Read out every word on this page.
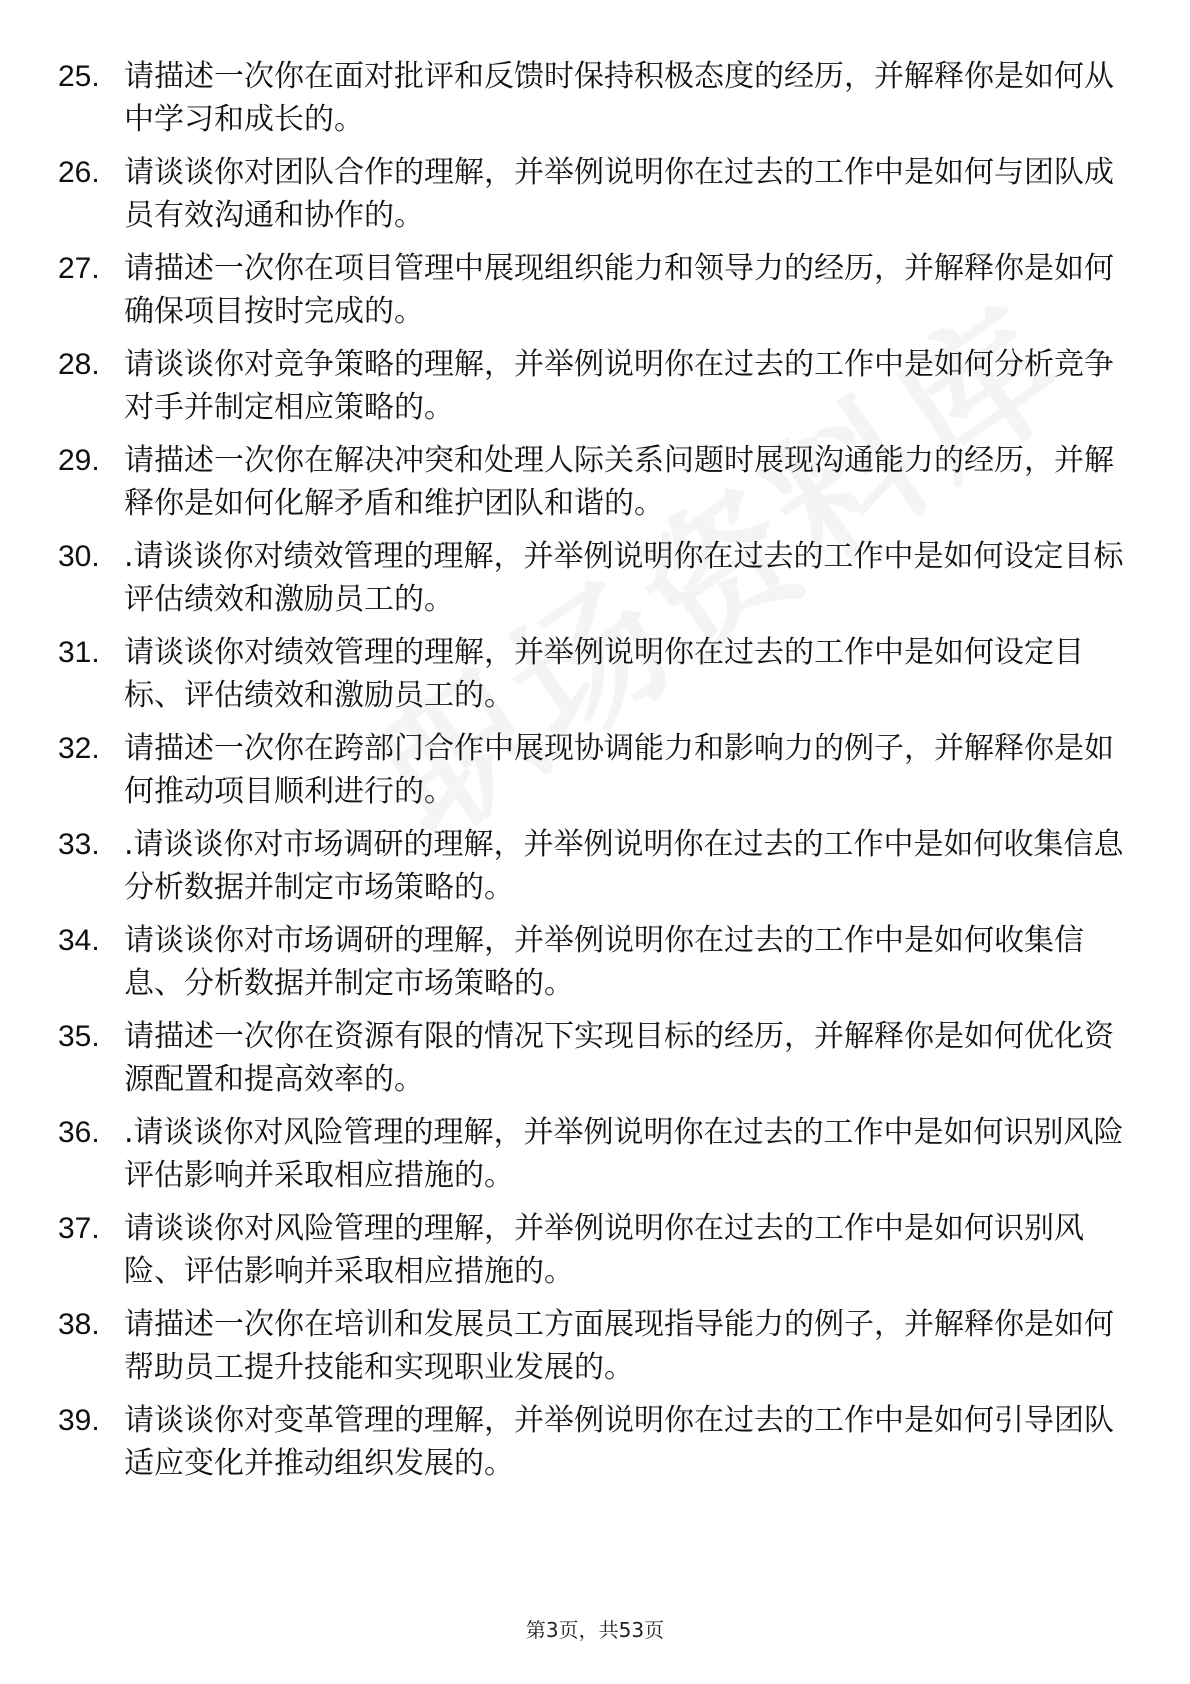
25. 请描述一次你在面对批评和反馈时保持积极态度的经历，并解释你是如何从中学习和成长的。
26. 请谈谈你对团队合作的理解，并举例说明你在过去的工作中是如何与团队成员有效沟通和协作的。
27. 请描述一次你在项目管理中展现组织能力和领导力的经历，并解释你是如何确保项目按时完成的。
28. 请谈谈你对竞争策略的理解，并举例说明你在过去的工作中是如何分析竞争对手并制定相应策略的。
29. 请描述一次你在解决冲突和处理人际关系问题时展现沟通能力的经历，并解释你是如何化解矛盾和维护团队和谐的。
30. .请谈谈你对绩效管理的理解，并举例说明你在过去的工作中是如何设定目标评估绩效和激励员工的。
31. 请谈谈你对绩效管理的理解，并举例说明你在过去的工作中是如何设定目标、评估绩效和激励员工的。
32. 请描述一次你在跨部门合作中展现协调能力和影响力的例子，并解释你是如何推动项目顺利进行的。
33. .请谈谈你对市场调研的理解，并举例说明你在过去的工作中是如何收集信息分析数据并制定市场策略的。
34. 请谈谈你对市场调研的理解，并举例说明你在过去的工作中是如何收集信息、分析数据并制定市场策略的。
35. 请描述一次你在资源有限的情况下实现目标的经历，并解释你是如何优化资源配置和提高效率的。
36. .请谈谈你对风险管理的理解，并举例说明你在过去的工作中是如何识别风险评估影响并采取相应措施的。
37. 请谈谈你对风险管理的理解，并举例说明你在过去的工作中是如何识别风险、评估影响并采取相应措施的。
38. 请描述一次你在培训和发展员工方面展现指导能力的例子，并解释你是如何帮助员工提升技能和实现职业发展的。
39. 请谈谈你对变革管理的理解，并举例说明你在过去的工作中是如何引导团队适应变化并推动组织发展的。
第3页，共53页
